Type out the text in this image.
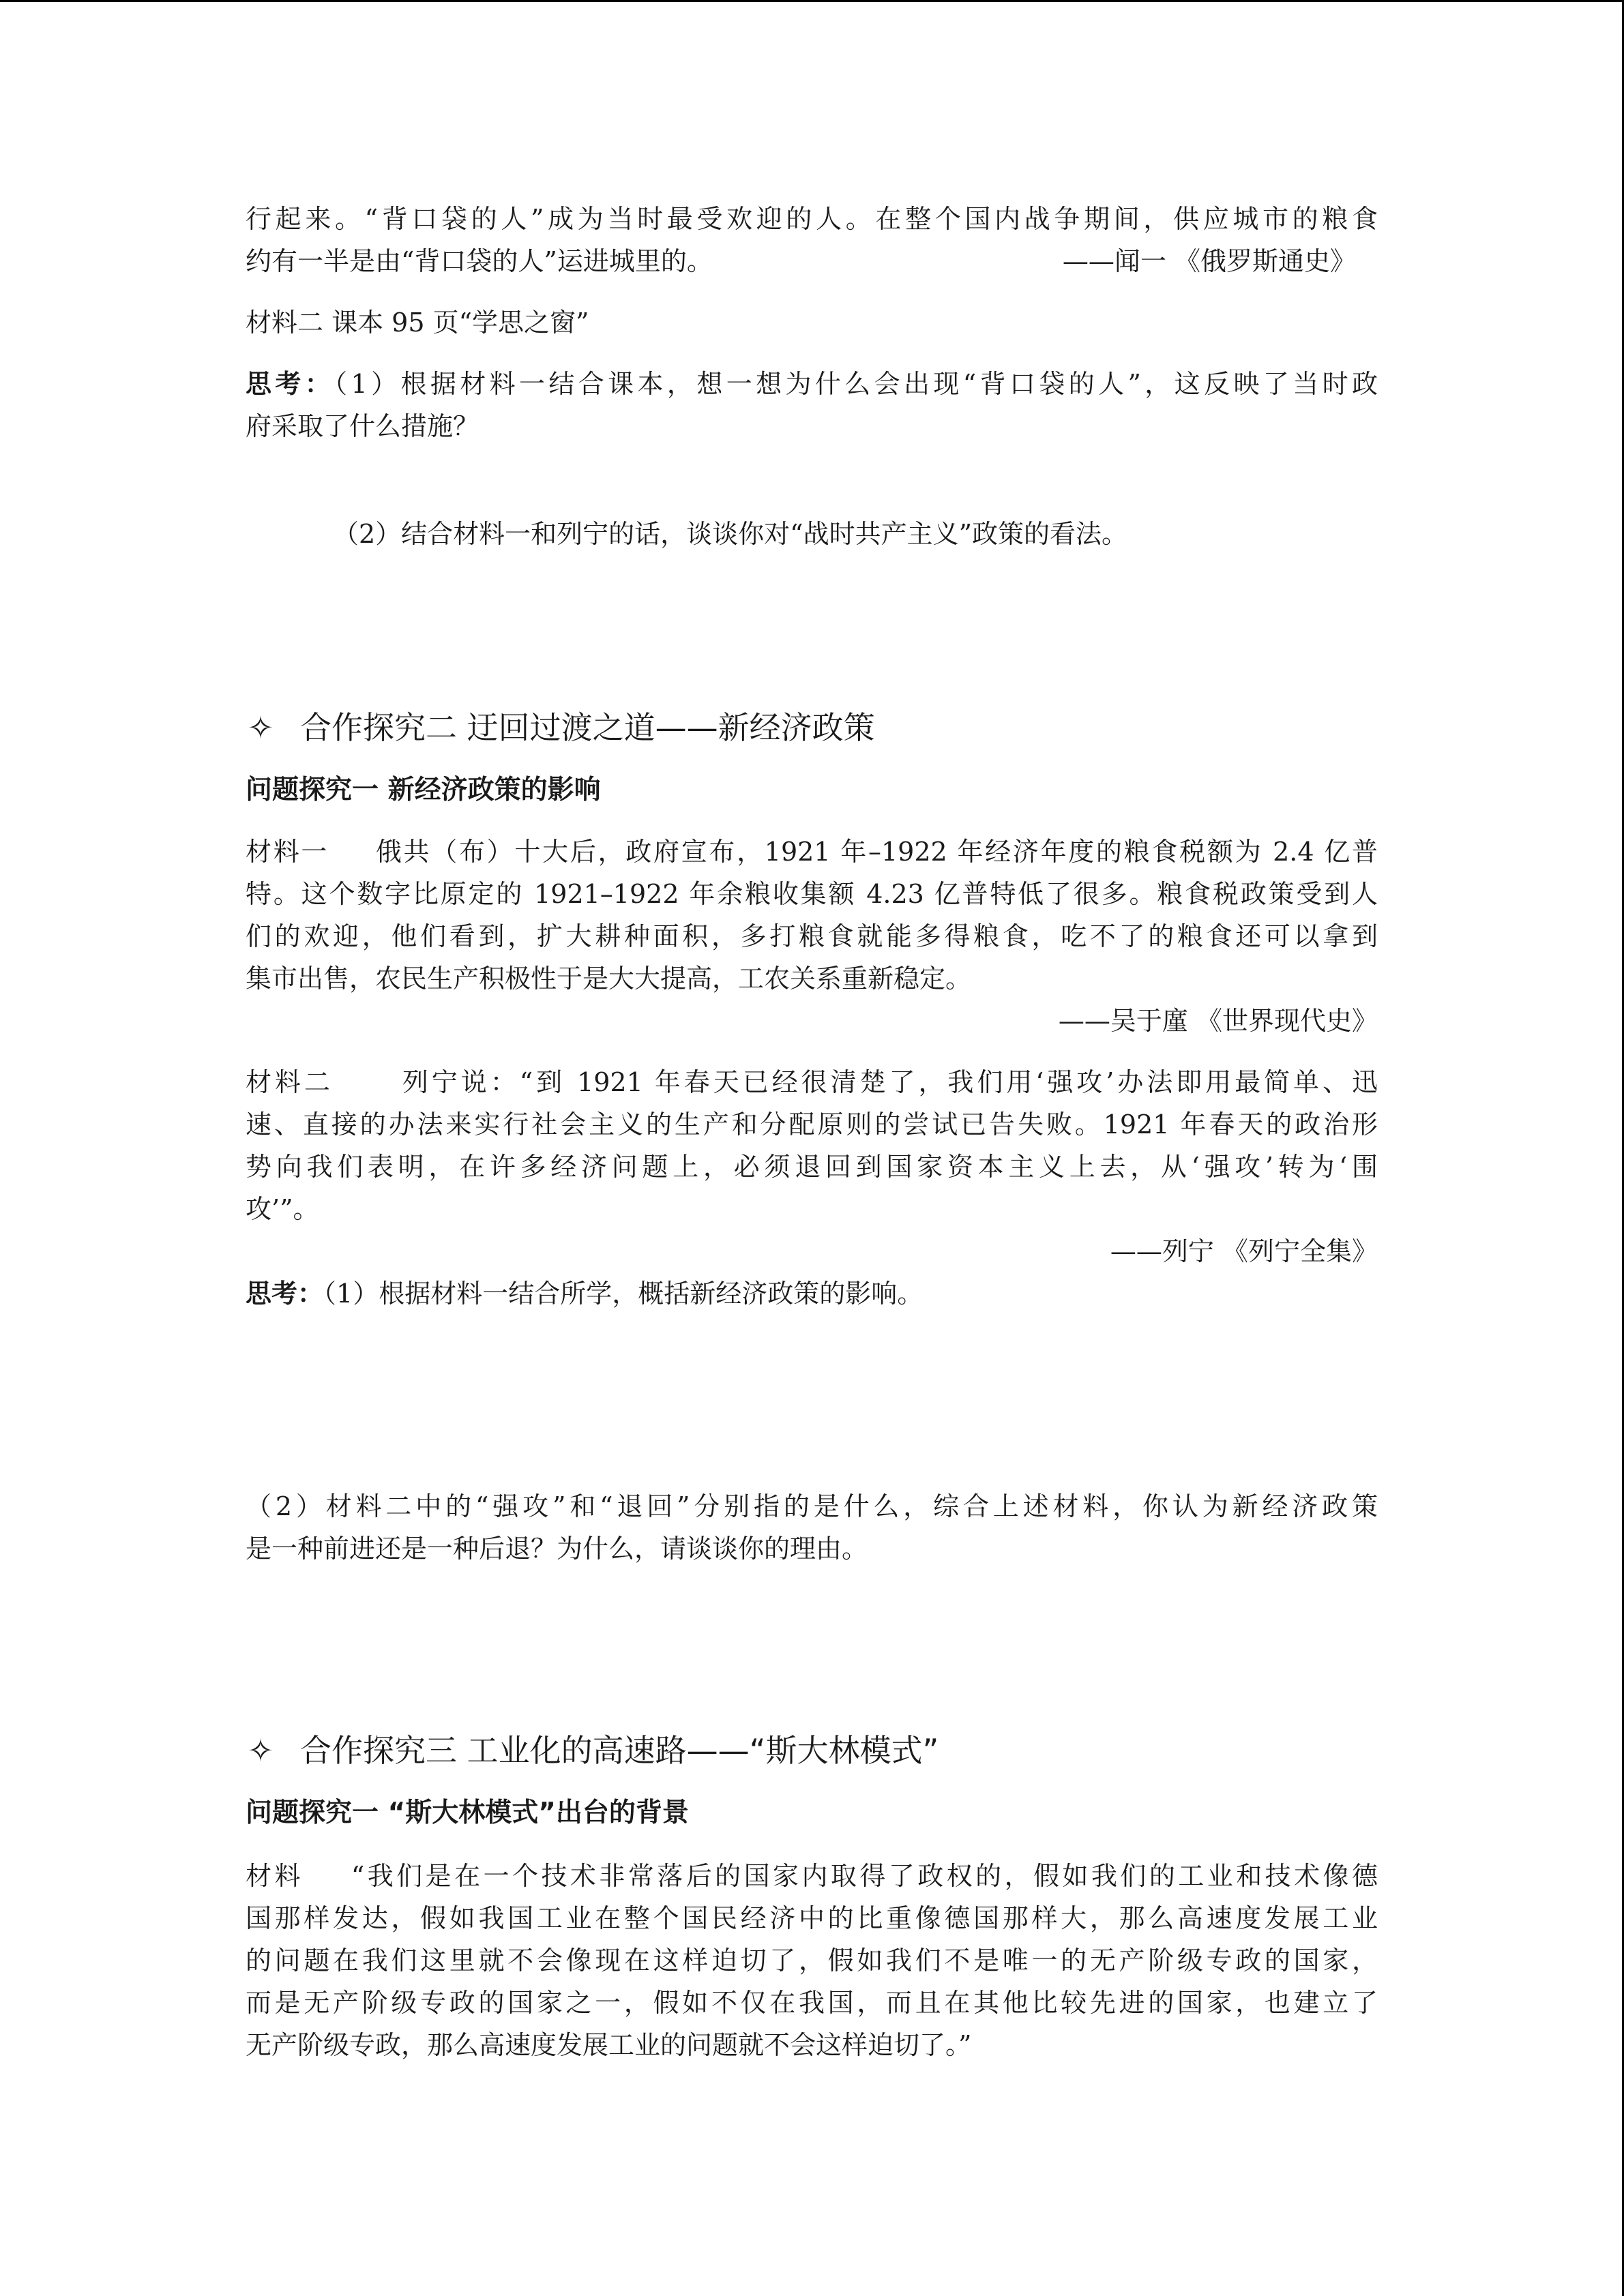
行起来。“背口袋的人”成为当时最受欢迎的人。在整个国内战争期间，供应城市的粮食
约有一半是由“背口袋的人”运进城里的。	——闻一 《俄罗斯通史》
材料二 课本 95 页“学思之窗”
思考：（1）根据材料一结合课本，想一想为什么会出现“背口袋的人”，这反映了当时政
府采取了什么措施？
（2）结合材料一和列宁的话，谈谈你对“战时共产主义”政策的看法。
✧ 合作探究二 迂回过渡之道——新经济政策
问题探究一 新经济政策的影响
材料一 俄共（布）十大后，政府宣布，1921 年–1922 年经济年度的粮食税额为 2.4 亿普
特。这个数字比原定的 1921–1922 年余粮收集额 4.23 亿普特低了很多。粮食税政策受到人
们的欢迎，他们看到，扩大耕种面积，多打粮食就能多得粮食，吃不了的粮食还可以拿到
集市出售，农民生产积极性于是大大提高，工农关系重新稳定。
——吴于廑 《世界现代史》
材料二	列宁说：“到 1921 年春天已经很清楚了，我们用‘强攻’办法即用最简单、迅
速、直接的办法来实行社会主义的生产和分配原则的尝试已告失败。1921 年春天的政治形
势向我们表明，在许多经济问题上，必须退回到国家资本主义上去，从‘强攻’转为‘围
攻’”。
——列宁 《列宁全集》
思考：（1）根据材料一结合所学，概括新经济政策的影响。
（2）材料二中的“强攻”和“退回”分别指的是什么，综合上述材料，你认为新经济政策
是一种前进还是一种后退？为什么，请谈谈你的理由。
✧ 合作探究三 工业化的高速路——“斯大林模式”
问题探究一 “斯大林模式”出台的背景
材料 “我们是在一个技术非常落后的国家内取得了政权的，假如我们的工业和技术像德
国那样发达，假如我国工业在整个国民经济中的比重像德国那样大，那么高速度发展工业
的问题在我们这里就不会像现在这样迫切了，假如我们不是唯一的无产阶级专政的国家，
而是无产阶级专政的国家之一，假如不仅在我国，而且在其他比较先进的国家，也建立了
无产阶级专政，那么高速度发展工业的问题就不会这样迫切了。”
